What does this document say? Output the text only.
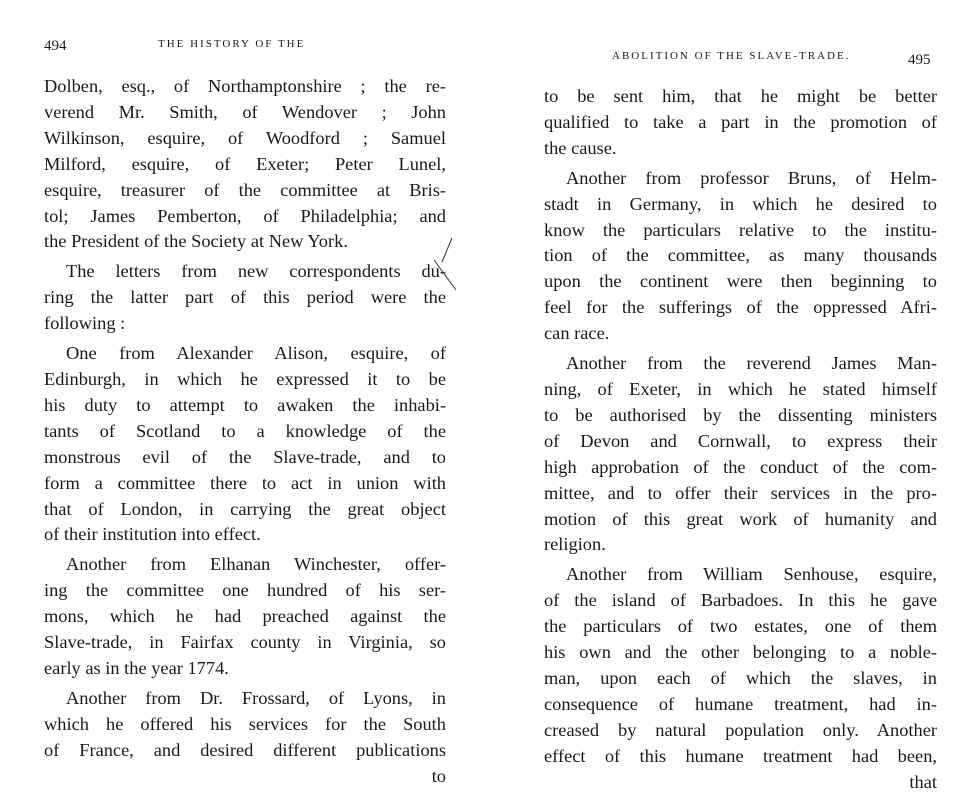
494	THE HISTORY OF THE
Dolben, esq., of Northamptonshire ; the re-
verend Mr. Smith, of Wendover ; John
Wilkinson, esquire, of Woodford ; Samuel
Milford, esquire, of Exeter; Peter Lunel,
esquire, treasurer of the committee at Bris-
tol; James Pemberton, of Philadelphia; and
the President of the Society at New York.
The letters from new correspondents du-
ring the latter part of this period were the
following :
One from Alexander Alison, esquire, of
Edinburgh, in which he expressed it to be
his duty to attempt to awaken the inhabi-
tants of Scotland to a knowledge of the
monstrous evil of the Slave-trade, and to
form a committee there to act in union with
that of London, in carrying the great object
of their institution into effect.
Another from Elhanan Winchester, offer-
ing the committee one hundred of his ser-
mons, which he had preached against the
Slave-trade, in Fairfax county in Virginia, so
early as in the year 1774.
Another from Dr. Frossard, of Lyons, in
which he offered his services for the South
of France, and desired different publications
to
ABOLITION OF THE SLAVE-TRADE.	495
to be sent him, that he might be better
qualified to take a part in the promotion of
the cause.
Another from professor Bruns, of Helm-
stadt in Germany, in which he desired to
know the particulars relative to the institu-
tion of the committee, as many thousands
upon the continent were then beginning to
feel for the sufferings of the oppressed Afri-
can race.
Another from the reverend James Man-
ning, of Exeter, in which he stated himself
to be authorised by the dissenting ministers
of Devon and Cornwall, to express their
high approbation of the conduct of the com-
mittee, and to offer their services in the pro-
motion of this great work of humanity and
religion.
Another from William Senhouse, esquire,
of the island of Barbadoes. In this he gave
the particulars of two estates, one of them
his own and the other belonging to a noble-
man, upon each of which the slaves, in
consequence of humane treatment, had in-
creased by natural population only. Another
effect of this humane treatment had been,
that
